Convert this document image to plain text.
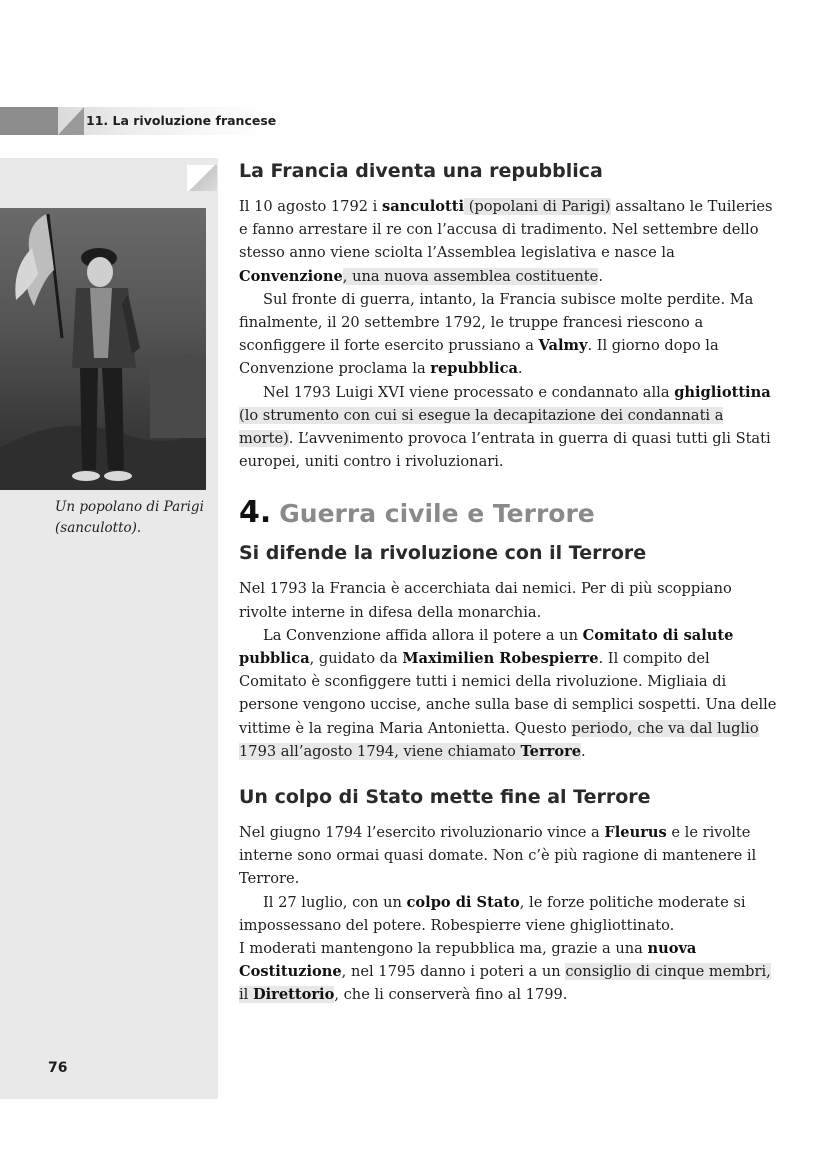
11. La rivoluzione francese
Un popolano di Parigi (sanculotto).
76
La Francia diventa una repubblica

Il 10 agosto 1792 i sanculotti (popolani di Parigi) assaltano le Tuileries e fanno arrestare il re con l’accusa di tradimento. Nel settembre dello stesso anno viene sciolta l’Assemblea legislativa e nasce la Convenzione, una nuova assemblea costituente.

Sul fronte di guerra, intanto, la Francia subisce molte perdite. Ma finalmente, il 20 settembre 1792, le truppe francesi riescono a sconfiggere il forte esercito prussiano a Valmy. Il giorno dopo la Convenzione proclama la repubblica.

Nel 1793 Luigi XVI viene processato e condannato alla ghigliottina (lo strumento con cui si esegue la decapitazione dei condannati a morte). L’avvenimento provoca l’entrata in guerra di quasi tutti gli Stati europei, uniti contro i rivoluzionari.

4. Guerra civile e Terrore
Si difende la rivoluzione con il Terrore

Nel 1793 la Francia è accerchiata dai nemici. Per di più scoppiano rivolte interne in difesa della monarchia.

La Convenzione affida allora il potere a un Comitato di salute pubblica, guidato da Maximilien Robespierre. Il compito del Comitato è sconfiggere tutti i nemici della rivoluzione. Migliaia di persone vengono uccise, anche sulla base di semplici sospetti. Una delle vittime è la regina Maria Antonietta. Questo periodo, che va dal luglio 1793 all’agosto 1794, viene chiamato Terrore.

Un colpo di Stato mette fine al Terrore

Nel giugno 1794 l’esercito rivoluzionario vince a Fleurus e le rivolte interne sono ormai quasi domate. Non c’è più ragione di mantenere il Terrore.

Il 27 luglio, con un colpo di Stato, le forze politiche moderate si impossessano del potere. Robespierre viene ghigliottinato.

I moderati mantengono la repubblica ma, grazie a una nuova Costituzione, nel 1795 danno i poteri a un consiglio di cinque membri, il Direttorio, che li conserverà fino al 1799.
